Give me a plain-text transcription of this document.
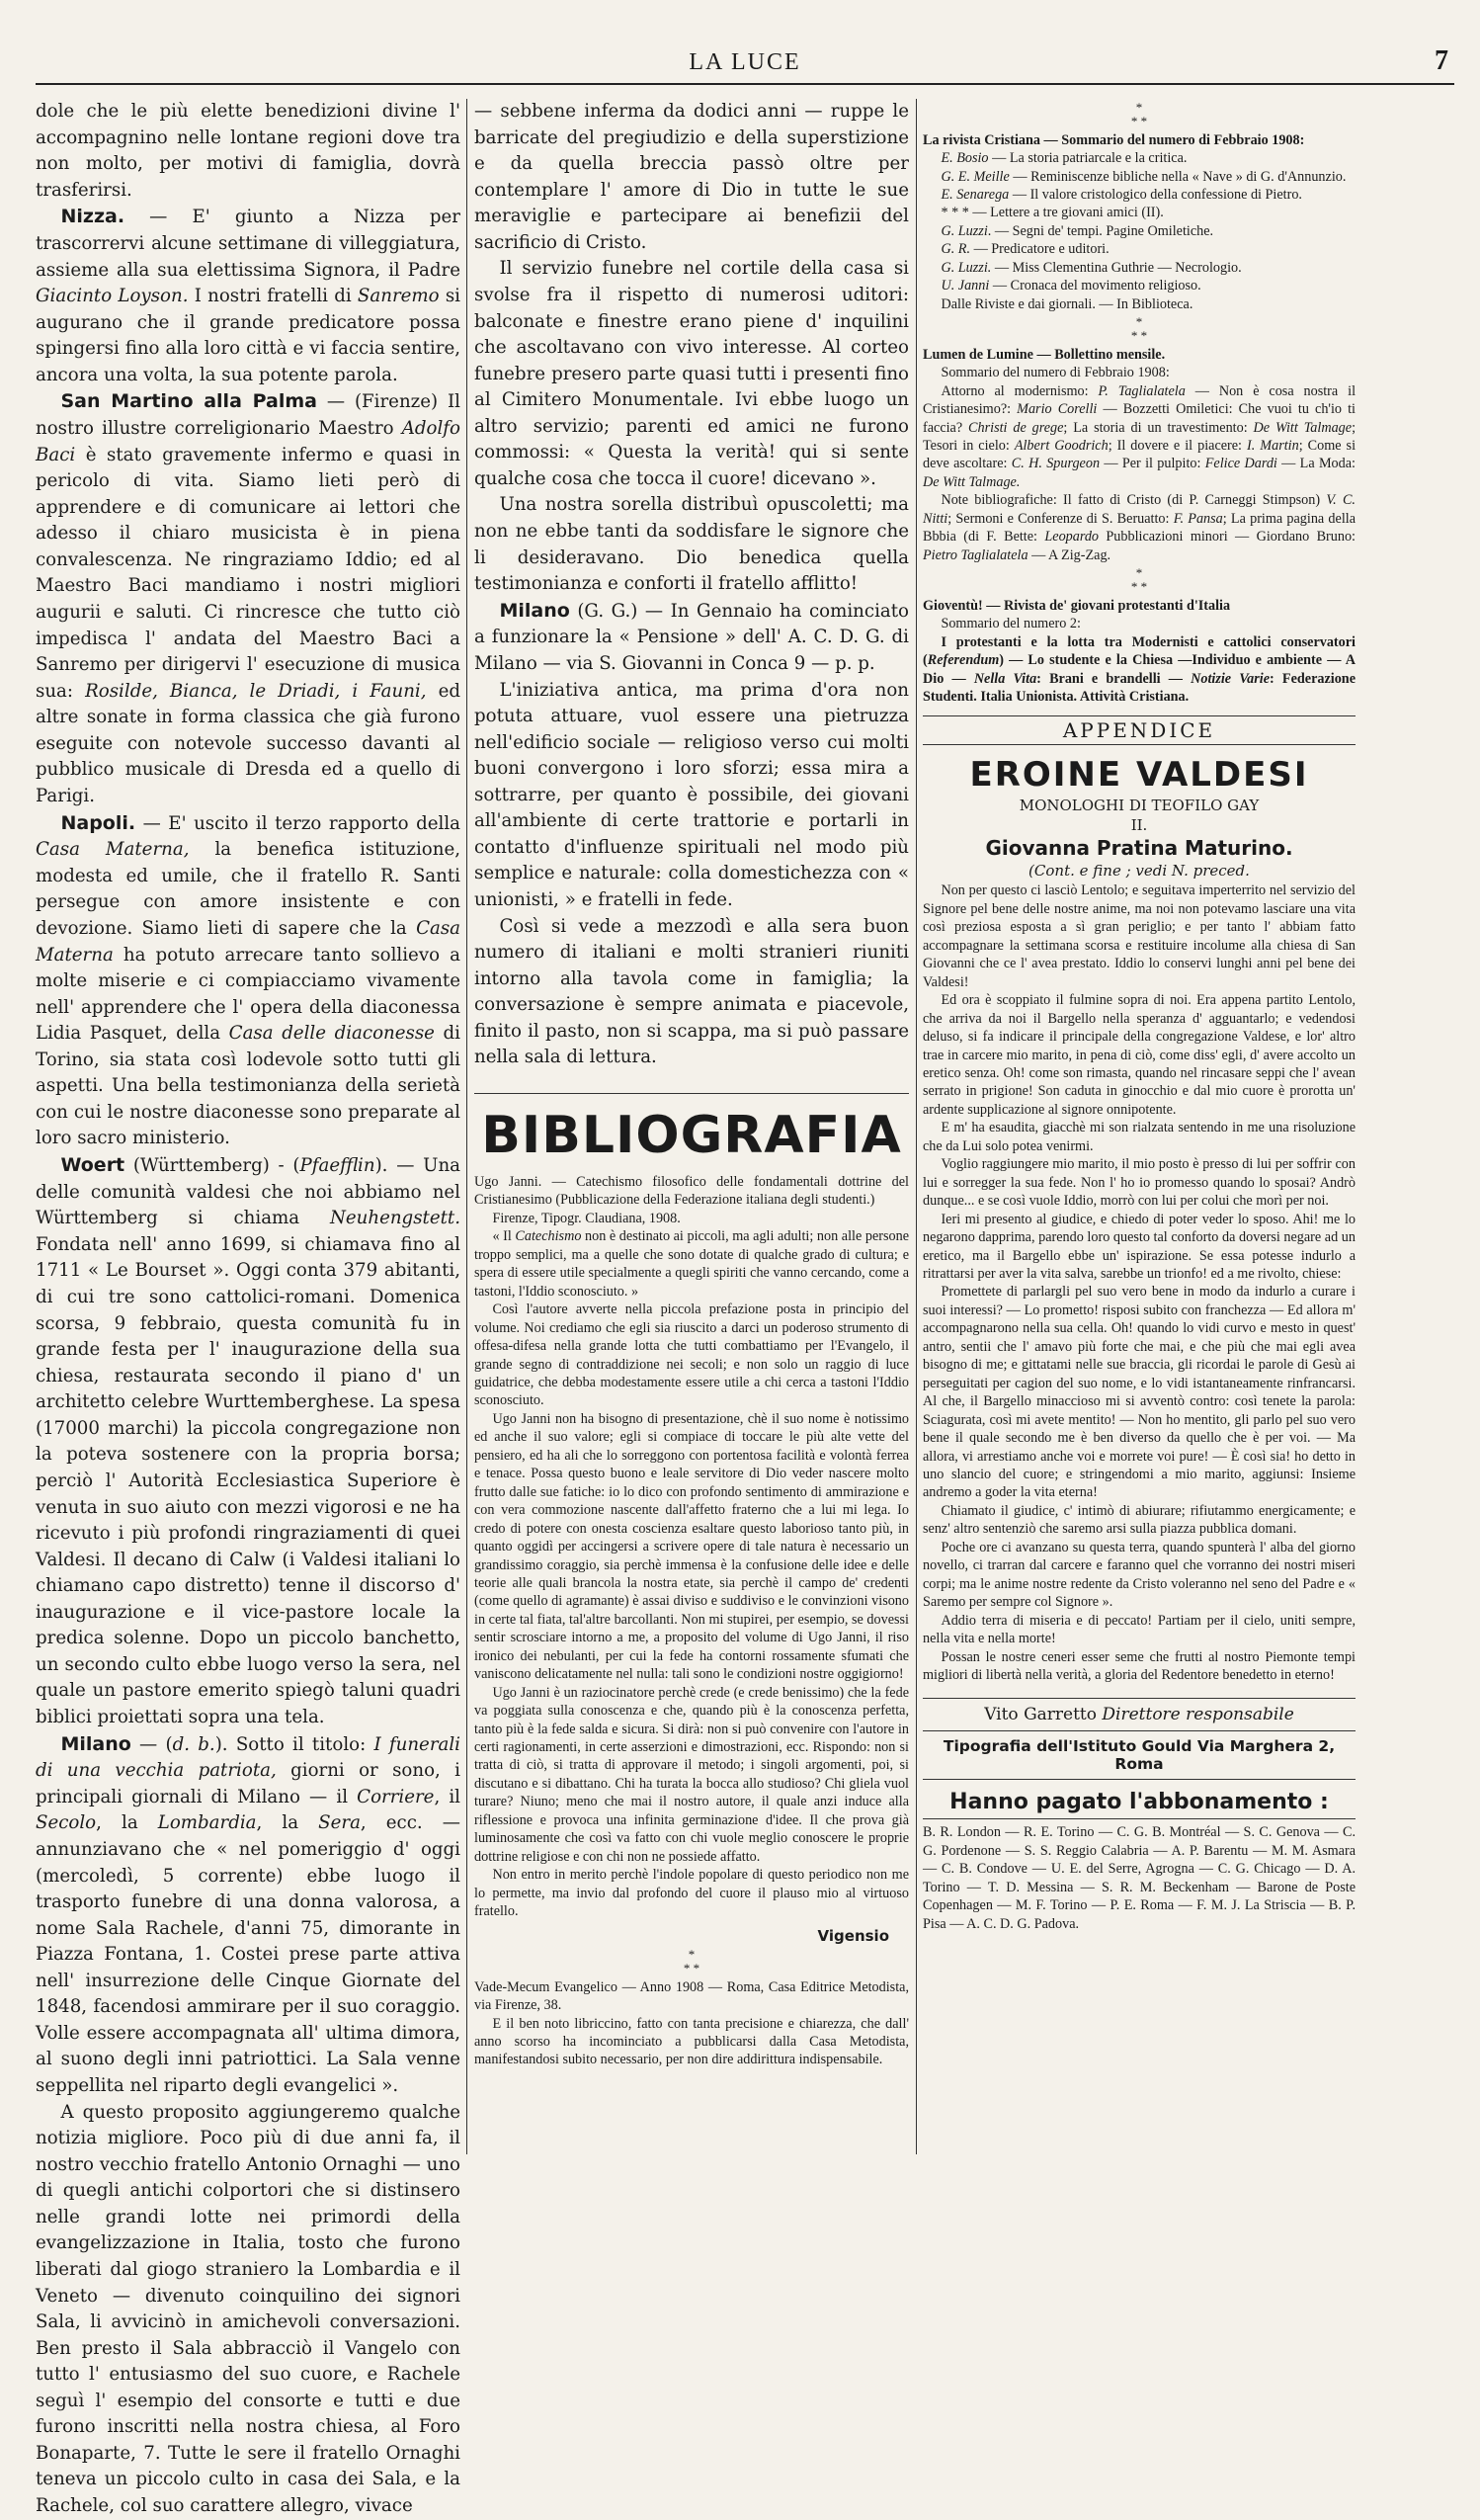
LA LUCE	7

dole che le più elette benedizioni divine l' accompagnino nelle lontane regioni dove tra non molto, per motivi di famiglia, dovrà trasferirsi.

Nizza. — E' giunto a Nizza per trascorrervi alcune settimane di villeggiatura, assieme alla sua elettissima Signora, il Padre Giacinto Loyson. I nostri fratelli di Sanremo si augurano che il grande predicatore possa spingersi fino alla loro città e vi faccia sentire, ancora una volta, la sua potente parola.

San Martino alla Palma — (Firenze) Il nostro illustre correligionario Maestro Adolfo Baci è stato gravemente infermo e quasi in pericolo di vita. Siamo lieti però di apprendere e di comunicare ai lettori che adesso il chiaro musicista è in piena convalescenza. Ne ringraziamo Iddio; ed al Maestro Baci mandiamo i nostri migliori augurii e saluti. Ci rincresce che tutto ciò impedisca l' andata del Maestro Baci a Sanremo per dirigervi l' esecuzione di musica sua: Rosilde, Bianca, le Driadi, i Fauni, ed altre sonate in forma classica che già furono eseguite con notevole successo davanti al pubblico musicale di Dresda ed a quello di Parigi.

Napoli. — E' uscito il terzo rapporto della Casa Materna, la benefica istituzione, modesta ed umile, che il fratello R. Santi persegue con amore insistente e con devozione. Siamo lieti di sapere che la Casa Materna ha potuto arrecare tanto sollievo a molte miserie e ci compiacciamo vivamente nell' apprendere che l' opera della diaconessa Lidia Pasquet, della Casa delle diaconesse di Torino, sia stata così lodevole sotto tutti gli aspetti. Una bella testimonianza della serietà con cui le nostre diaconesse sono preparate al loro sacro ministerio.

Woert (Württemberg) - (Pfaefflin). — Una delle comunità valdesi che noi abbiamo nel Württemberg si chiama Neuhengstett. Fondata nell' anno 1699, si chiamava fino al 1711 « Le Bourset ». Oggi conta 379 abitanti, di cui tre sono cattolici-romani. Domenica scorsa, 9 febbraio, questa comunità fu in grande festa per l' inaugurazione della sua chiesa, restaurata secondo il piano d' un architetto celebre Wurttemberghese. La spesa (17000 marchi) la piccola congregazione non la poteva sostenere con la propria borsa; perciò l' Autorità Ecclesiastica Superiore è venuta in suo aiuto con mezzi vigorosi e ne ha ricevuto i più profondi ringraziamenti di quei Valdesi. Il decano di Calw (i Valdesi italiani lo chiamano capo distretto) tenne il discorso d' inaugurazione e il vice-pastore locale la predica solenne. Dopo un piccolo banchetto, un secondo culto ebbe luogo verso la sera, nel quale un pastore emerito spiegò taluni quadri biblici proiettati sopra una tela.

Milano — (d. b.). Sotto il titolo: I funerali di una vecchia patriota, giorni or sono, i principali giornali di Milano — il Corriere, il Secolo, la Lombardia, la Sera, ecc. — annunziavano che « nel pomeriggio d' oggi (mercoledì, 5 corrente) ebbe luogo il trasporto funebre di una donna valorosa, a nome Sala Rachele, d'anni 75, dimorante in Piazza Fontana, 1. Costei prese parte attiva nell' insurrezione delle Cinque Giornate del 1848, facendosi ammirare per il suo coraggio. Volle essere accompagnata all' ultima dimora, al suono degli inni patriottici. La Sala venne seppellita nel riparto degli evangelici ».

A questo proposito aggiungeremo qualche notizia migliore. Poco più di due anni fa, il nostro vecchio fratello Antonio Ornaghi — uno di quegli antichi colportori che si distinsero nelle grandi lotte nei primordi della evangelizzazione in Italia, tosto che furono liberati dal giogo straniero la Lombardia e il Veneto — divenuto coinquilino dei signori Sala, li avvicinò in amichevoli conversazioni. Ben presto il Sala abbracciò il Vangelo con tutto l' entusiasmo del suo cuore, e Rachele seguì l' esempio del consorte e tutti e due furono inscritti nella nostra chiesa, al Foro Bonaparte, 7. Tutte le sere il fratello Ornaghi teneva un piccolo culto in casa dei Sala, e la Rachele, col suo carattere allegro, vivace

— sebbene inferma da dodici anni — ruppe le barricate del pregiudizio e della superstizione e da quella breccia passò oltre per contemplare l' amore di Dio in tutte le sue meraviglie e partecipare ai benefizii del sacrificio di Cristo.

Il servizio funebre nel cortile della casa si svolse fra il rispetto di numerosi uditori: balconate e finestre erano piene d' inquilini che ascoltavano con vivo interesse. Al corteo funebre presero parte quasi tutti i presenti fino al Cimitero Monumentale. Ivi ebbe luogo un altro servizio; parenti ed amici ne furono commossi: « Questa la verità! qui si sente qualche cosa che tocca il cuore! dicevano ».

Una nostra sorella distribuì opuscoletti; ma non ne ebbe tanti da soddisfare le signore che li desideravano. Dio benedica quella testimonianza e conforti il fratello afflitto!

Milano (G. G.) — In Gennaio ha cominciato a funzionare la « Pensione » dell' A. C. D. G. di Milano — via S. Giovanni in Conca 9 — p. p.

L'iniziativa antica, ma prima d'ora non potuta attuare, vuol essere una pietruzza nell'edificio sociale — religioso verso cui molti buoni convergono i loro sforzi; essa mira a sottrarre, per quanto è possibile, dei giovani all'ambiente di certe trattorie e portarli in contatto d'influenze spirituali nel modo più semplice e naturale: colla domestichezza con « unionisti, » e fratelli in fede.

Così si vede a mezzodì e alla sera buon numero di italiani e molti stranieri riuniti intorno alla tavola come in famiglia; la conversazione è sempre animata e piacevole, finito il pasto, non si scappa, ma si può passare nella sala di lettura.

BIBLIOGRAFIA

Ugo Janni. — Catechismo filosofico delle fondamentali dottrine del Cristianesimo (Pubblicazione della Federazione italiana degli studenti.)

Firenze, Tipogr. Claudiana, 1908.

« Il Catechismo non è destinato ai piccoli, ma agli adulti; non alle persone troppo semplici, ma a quelle che sono dotate di qualche grado di cultura; e spera di essere utile specialmente a quegli spiriti che vanno cercando, come a tastoni, l'Iddio sconosciuto. »

Così l'autore avverte nella piccola prefazione posta in principio del volume. Noi crediamo che egli sia riuscito a darci un poderoso strumento di offesa-difesa nella grande lotta che tutti combattiamo per l'Evangelo, il grande segno di contraddizione nei secoli; e non solo un raggio di luce guidatrice, che debba modestamente essere utile a chi cerca a tastoni l'Iddio sconosciuto.

Ugo Janni non ha bisogno di presentazione, chè il suo nome è notissimo ed anche il suo valore; egli si compiace di toccare le più alte vette del pensiero, ed ha ali che lo sorreggono con portentosa facilità e volontà ferrea e tenace. Possa questo buono e leale servitore di Dio veder nascere molto frutto dalle sue fatiche: io lo dico con profondo sentimento di ammirazione e con vera commozione nascente dall'affetto fraterno che a lui mi lega. Io credo di potere con onesta coscienza esaltare questo laborioso tanto più, in quanto oggidì per accingersi a scrivere opere di tale natura è necessario un grandissimo coraggio, sia perchè immensa è la confusione delle idee e delle teorie alle quali brancola la nostra etate, sia perchè il campo de' credenti (come quello di agramante) è assai diviso e suddiviso e le convinzioni visono in certe tal fiata, tal'altre barcollanti. Non mi stupirei, per esempio, se dovessi sentir scrosciare intorno a me, a proposito del volume di Ugo Janni, il riso ironico dei nebulanti, per cui la fede ha contorni rossamente sfumati che vaniscono delicatamente nel nulla: tali sono le condizioni nostre oggigiorno!

Ugo Janni è un raziocinatore perchè crede (e crede benissimo) che la fede va poggiata sulla conoscenza e che, quando più è la conoscenza perfetta, tanto più è la fede salda e sicura. Si dirà: non si può convenire con l'autore in certi ragionamenti, in certe asserzioni e dimostrazioni, ecc. Rispondo: non si tratta di ciò, si tratta di approvare il metodo; i singoli argomenti, poi, si discutano e si dibattano. Chi ha turata la bocca allo studioso? Chi gliela vuol turare? Niuno; meno che mai il nostro autore, il quale anzi induce alla riflessione e provoca una infinita germinazione d'idee. Il che prova già luminosamente che così va fatto con chi vuole meglio conoscere le proprie dottrine religiose e con chi non ne possiede affatto.

Non entro in merito perchè l'indole popolare di questo periodico non me lo permette, ma invio dal profondo del cuore il plauso mio al virtuoso fratello.

Vigensio
*
* *

Vade-Mecum Evangelico — Anno 1908 — Roma, Casa Editrice Metodista, via Firenze, 38.

E il ben noto libriccino, fatto con tanta precisione e chiarezza, che dall' anno scorso ha incominciato a pubblicarsi dalla Casa Metodista, manifestandosi subito necessario, per non dire addirittura indispensabile.

*
* *

La rivista Cristiana — Sommario del numero di Febbraio 1908:

E. Bosio — La storia patriarcale e la critica.

G. E. Meille — Reminiscenze bibliche nella « Nave » di G. d'Annunzio.

E. Senarega — Il valore cristologico della confessione di Pietro.

* * * — Lettere a tre giovani amici (II).

G. Luzzi. — Segni de' tempi. Pagine Omiletiche.

G. R. — Predicatore e uditori.

G. Luzzi. — Miss Clementina Guthrie — Necrologio.

U. Janni — Cronaca del movimento religioso.

Dalle Riviste e dai giornali. — In Biblioteca.

*
* *

Lumen de Lumine — Bollettino mensile.

Sommario del numero di Febbraio 1908:

Attorno al modernismo: P. Taglialatela — Non è cosa nostra il Cristianesimo?: Mario Corelli — Bozzetti Omiletici: Che vuoi tu ch'io ti faccia? Christi de grege; La storia di un travestimento: De Witt Talmage; Tesori in cielo: Albert Goodrich; Il dovere e il piacere: I. Martin; Come si deve ascoltare: C. H. Spurgeon — Per il pulpito: Felice Dardi — La Moda: De Witt Talmage.

Note bibliografiche: Il fatto di Cristo (di P. Carneggi Stimpson) V. C. Nitti; Sermoni e Conferenze di S. Beruatto: F. Pansa; La prima pagina della Bbbia (di F. Bette: Leopardo Pubblicazioni minori — Giordano Bruno: Pietro Taglialatela — A Zig-Zag.

*
* *

Gioventù! — Rivista de' giovani protestanti d'Italia

Sommario del numero 2:

I protestanti e la lotta tra Modernisti e cattolici conservatori (Referendum) — Lo studente e la Chiesa —Individuo e ambiente — A Dio — Nella Vita: Brani e brandelli — Notizie Varie: Federazione Studenti. Italia Unionista. Attività Cristiana.

APPENDICE
EROINE VALDESI
MONOLOGHI DI TEOFILO GAY
II.
Giovanna Pratina Maturino.
(Cont. e fine ; vedi N. preced.

Non per questo ci lasciò Lentolo; e seguitava imperterrito nel servizio del Signore pel bene delle nostre anime, ma noi non potevamo lasciare una vita così preziosa esposta a sì gran periglio; e per tanto l' abbiam fatto accompagnare la settimana scorsa e restituire incolume alla chiesa di San Giovanni che ce l' avea prestato. Iddio lo conservi lunghi anni pel bene dei Valdesi!

Ed ora è scoppiato il fulmine sopra di noi. Era appena partito Lentolo, che arriva da noi il Bargello nella speranza d' agguantarlo; e vedendosi deluso, si fa indicare il principale della congregazione Valdese, e lor' altro trae in carcere mio marito, in pena di ciò, come diss' egli, d' avere accolto un eretico senza. Oh! come son rimasta, quando nel rincasare seppi che l' avean serrato in prigione! Son caduta in ginocchio e dal mio cuore è prorotta un' ardente supplicazione al signore onnipotente.

E m' ha esaudita, giacchè mi son rialzata sentendo in me una risoluzione che da Lui solo potea venirmi.

Voglio raggiungere mio marito, il mio posto è presso di lui per soffrir con lui e sorregger la sua fede. Non l' ho io promesso quando lo sposai? Andrò dunque... e se così vuole Iddio, morrò con lui per colui che morì per noi.

Ieri mi presento al giudice, e chiedo di poter veder lo sposo. Ahi! me lo negarono dapprima, parendo loro questo tal conforto da doversi negare ad un eretico, ma il Bargello ebbe un' ispirazione. Se essa potesse indurlo a ritrattarsi per aver la vita salva, sarebbe un trionfo! ed a me rivolto, chiese:

Promettete di parlargli pel suo vero bene in modo da indurlo a curare i suoi interessi? — Lo prometto! risposi subito con franchezza — Ed allora m' accompagnarono nella sua cella. Oh! quando lo vidi curvo e mesto in quest' antro, sentii che l' amavo più forte che mai, e che più che mai egli avea bisogno di me; e gittatami nelle sue braccia, gli ricordai le parole di Gesù ai perseguitati per cagion del suo nome, e lo vidi istantaneamente rinfrancarsi. Al che, il Bargello minaccioso mi si avventò contro: così tenete la parola: Sciagurata, così mi avete mentito! — Non ho mentito, gli parlo pel suo vero bene il quale secondo me è ben diverso da quello che è per voi. — Ma allora, vi arrestiamo anche voi e morrete voi pure! — È così sia! ho detto in uno slancio del cuore; e stringendomi a mio marito, aggiunsi: Insieme andremo a goder la vita eterna!

Chiamato il giudice, c' intimò di abiurare; rifiutammo energicamente; e senz' altro sentenziò che saremo arsi sulla piazza pubblica domani.

Poche ore ci avanzano su questa terra, quando spunterà l' alba del giorno novello, ci trarran dal carcere e faranno quel che vorranno dei nostri miseri corpi; ma le anime nostre redente da Cristo voleranno nel seno del Padre e « Saremo per sempre col Signore ».

Addio terra di miseria e di peccato! Partiam per il cielo, uniti sempre, nella vita e nella morte!

Possan le nostre ceneri esser seme che frutti al nostro Piemonte tempi migliori di libertà nella verità, a gloria del Redentore benedetto in eterno!

Vito Garretto Direttore responsabile
Tipografia dell'Istituto Gould Via Marghera 2, Roma
Hanno pagato l'abbonamento :

B. R. London — R. E. Torino — C. G. B. Montréal — S. C. Genova — C. G. Pordenone — S. S. Reggio Calabria — A. P. Barentu — M. M. Asmara — C. B. Condove — U. E. del Serre, Agrogna — C. G. Chicago — D. A. Torino — T. D. Messina — S. R. M. Beckenham — Barone de Poste Copenhagen — M. F. Torino — P. E. Roma — F. M. J. La Striscia — B. P. Pisa — A. C. D. G. Padova.
